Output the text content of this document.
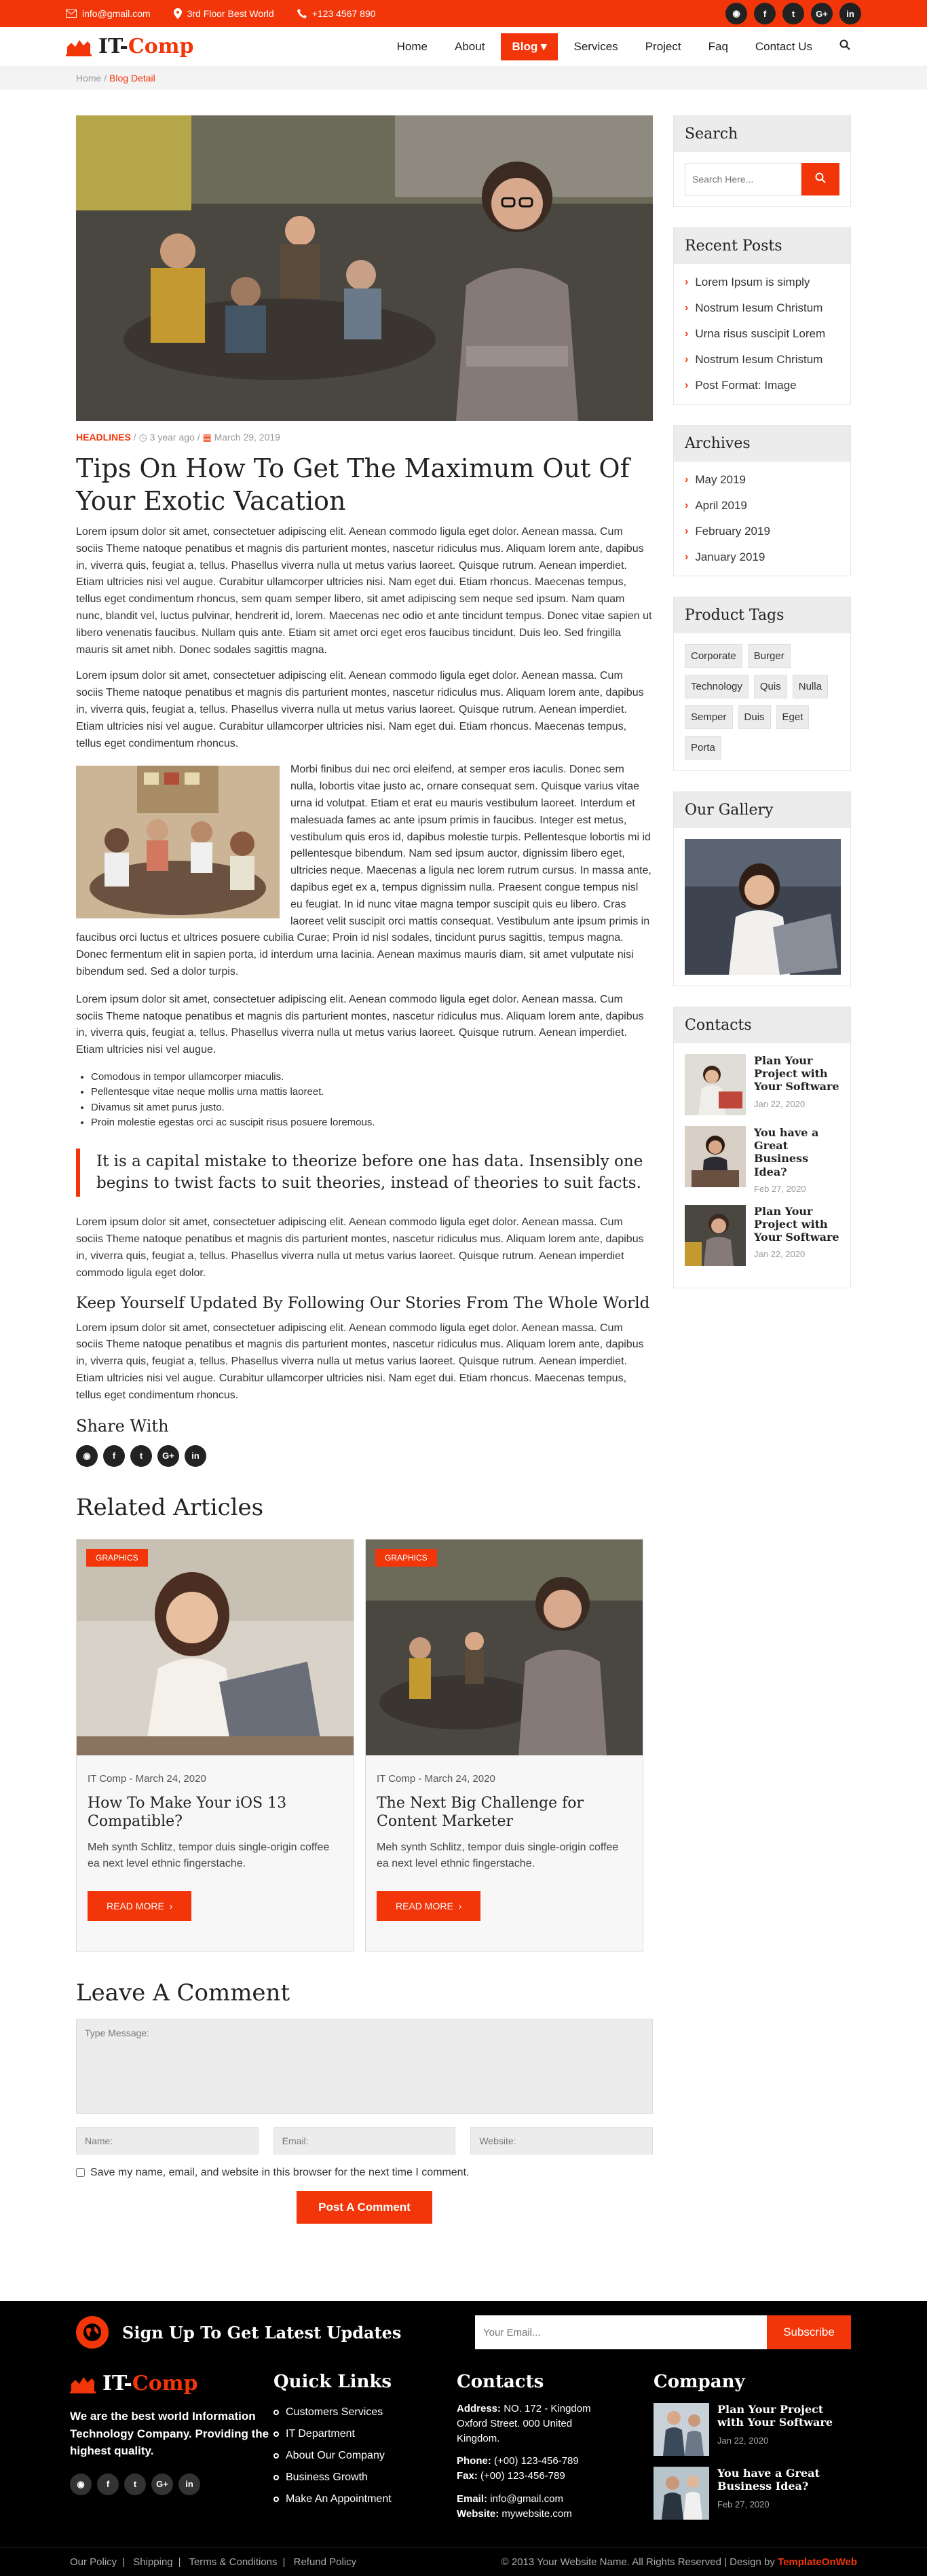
info@gmail.com	3rd Floor Best World	+123 4567 890	◉	f	t	G+	in
IT-Comp	Home	About	Blog ▾	Services	Project	Faq	Contact Us
Home / Blog Detail
HEADLINES / ◷ 3 year ago / ▦ March 29, 2019
Tips On How To Get The Maximum Out Of Your Exotic Vacation

Lorem ipsum dolor sit amet, consectetuer adipiscing elit. Aenean commodo ligula eget dolor. Aenean massa. Cum sociis Theme natoque penatibus et magnis dis parturient montes, nascetur ridiculus mus. Aliquam lorem ante, dapibus in, viverra quis, feugiat a, tellus. Phasellus viverra nulla ut metus varius laoreet. Quisque rutrum. Aenean imperdiet. Etiam ultricies nisi vel augue. Curabitur ullamcorper ultricies nisi. Nam eget dui. Etiam rhoncus. Maecenas tempus, tellus eget condimentum rhoncus, sem quam semper libero, sit amet adipiscing sem neque sed ipsum. Nam quam nunc, blandit vel, luctus pulvinar, hendrerit id, lorem. Maecenas nec odio et ante tincidunt tempus. Donec vitae sapien ut libero venenatis faucibus. Nullam quis ante. Etiam sit amet orci eget eros faucibus tincidunt. Duis leo. Sed fringilla mauris sit amet nibh. Donec sodales sagittis magna.

Lorem ipsum dolor sit amet, consectetuer adipiscing elit. Aenean commodo ligula eget dolor. Aenean massa. Cum sociis Theme natoque penatibus et magnis dis parturient montes, nascetur ridiculus mus. Aliquam lorem ante, dapibus in, viverra quis, feugiat a, tellus. Phasellus viverra nulla ut metus varius laoreet. Quisque rutrum. Aenean imperdiet. Etiam ultricies nisi vel augue. Curabitur ullamcorper ultricies nisi. Nam eget dui. Etiam rhoncus. Maecenas tempus, tellus eget condimentum rhoncus.

Morbi finibus dui nec orci eleifend, at semper eros iaculis. Donec sem nulla, lobortis vitae justo ac, ornare consequat sem. Quisque varius vitae urna id volutpat. Etiam et erat eu mauris vestibulum laoreet. Interdum et malesuada fames ac ante ipsum primis in faucibus. Integer est metus, vestibulum quis eros id, dapibus molestie turpis. Pellentesque lobortis mi id pellentesque bibendum. Nam sed ipsum auctor, dignissim libero eget, ultricies neque. Maecenas a ligula nec lorem rutrum cursus. In massa ante, dapibus eget ex a, tempus dignissim nulla. Praesent congue tempus nisl eu feugiat. In id nunc vitae magna tempor suscipit quis eu libero. Cras laoreet velit suscipit orci mattis consequat. Vestibulum ante ipsum primis in faucibus orci luctus et ultrices posuere cubilia Curae; Proin id nisl sodales, tincidunt purus sagittis, tempus magna. Donec fermentum elit in sapien porta, id interdum urna lacinia. Aenean maximus mauris diam, sit amet vulputate nisi bibendum sed. Sed a dolor turpis.

Lorem ipsum dolor sit amet, consectetuer adipiscing elit. Aenean commodo ligula eget dolor. Aenean massa. Cum sociis Theme natoque penatibus et magnis dis parturient montes, nascetur ridiculus mus. Aliquam lorem ante, dapibus in, viverra quis, feugiat a, tellus. Phasellus viverra nulla ut metus varius laoreet. Quisque rutrum. Aenean imperdiet. Etiam ultricies nisi vel augue.

• Comodous in tempor ullamcorper miaculis.
• Pellentesque vitae neque mollis urna mattis laoreet.
• Divamus sit amet purus justo.
• Proin molestie egestas orci ac suscipit risus posuere loremous.
It is a capital mistake to theorize before one has data. Insensibly one begins to twist facts to suit theories, instead of theories to suit facts.

Lorem ipsum dolor sit amet, consectetuer adipiscing elit. Aenean commodo ligula eget dolor. Aenean massa. Cum sociis Theme natoque penatibus et magnis dis parturient montes, nascetur ridiculus mus. Aliquam lorem ante, dapibus in, viverra quis, feugiat a, tellus. Phasellus viverra nulla ut metus varius laoreet. Quisque rutrum. Aenean imperdiet commodo ligula eget dolor.

Keep Yourself Updated By Following Our Stories From The Whole World

Lorem ipsum dolor sit amet, consectetuer adipiscing elit. Aenean commodo ligula eget dolor. Aenean massa. Cum sociis Theme natoque penatibus et magnis dis parturient montes, nascetur ridiculus mus. Aliquam lorem ante, dapibus in, viverra quis, feugiat a, tellus. Phasellus viverra nulla ut metus varius laoreet. Quisque rutrum. Aenean imperdiet. Etiam ultricies nisi vel augue. Curabitur ullamcorper ultricies nisi. Nam eget dui. Etiam rhoncus. Maecenas tempus, tellus eget condimentum rhoncus.

Share With
◉	f	t	G+	in
Related Articles
GRAPHICS
IT Comp - March 24, 2020
How To Make Your iOS 13 Compatible?

Meh synth Schlitz, tempor duis single-origin coffee ea next level ethnic fingerstache.

READ MORE ›
GRAPHICS
IT Comp - March 24, 2020
The Next Big Challenge for Content Marketer

Meh synth Schlitz, tempor duis single-origin coffee ea next level ethnic fingerstache.

READ MORE ›
Leave A Comment
Type Message:
Name:
Email:
Website:
Save my name, email, and website in this browser for the next time I comment.
Post A Comment
Search
Search Here...
Recent Posts
› Lorem Ipsum is simply
› Nostrum Iesum Christum
› Urna risus suscipit Lorem
› Nostrum Iesum Christum
› Post Format: Image
Archives
› May 2019
› April 2019
› February 2019
› January 2019
Product Tags
Corporate	Burger
Technology	Quis	Nulla
Semper	Duis	Eget
Porta
Our Gallery
Contacts
Plan Your Project with Your Software
Jan 22, 2020
You have a Great Business Idea?
Feb 27, 2020
Plan Your Project with Your Software
Jan 22, 2020
Sign Up To Get Latest Updates
Your Email...	Subscribe
IT-Comp

We are the best world Information Technology Company. Providing the highest quality.

◉	f	t	G+	in
Quick Links
Customers Services
IT Department
About Our Company
Business Growth
Make An Appointment
Contacts
Address: NO. 172 - Kingdom Oxford Street. 000 United Kingdom.
Phone: (+00) 123-456-789
Fax: (+00) 123-456-789
Email: info@gmail.com
Website: mywebsite.com
Company
Plan Your Project with Your Software
Jan 22, 2020
You have a Great Business Idea?
Feb 27, 2020
Our Policy | Shipping | Terms & Conditions | Refund Policy	© 2013 Your Website Name. All Rights Reserved | Design by TemplateOnWeb
